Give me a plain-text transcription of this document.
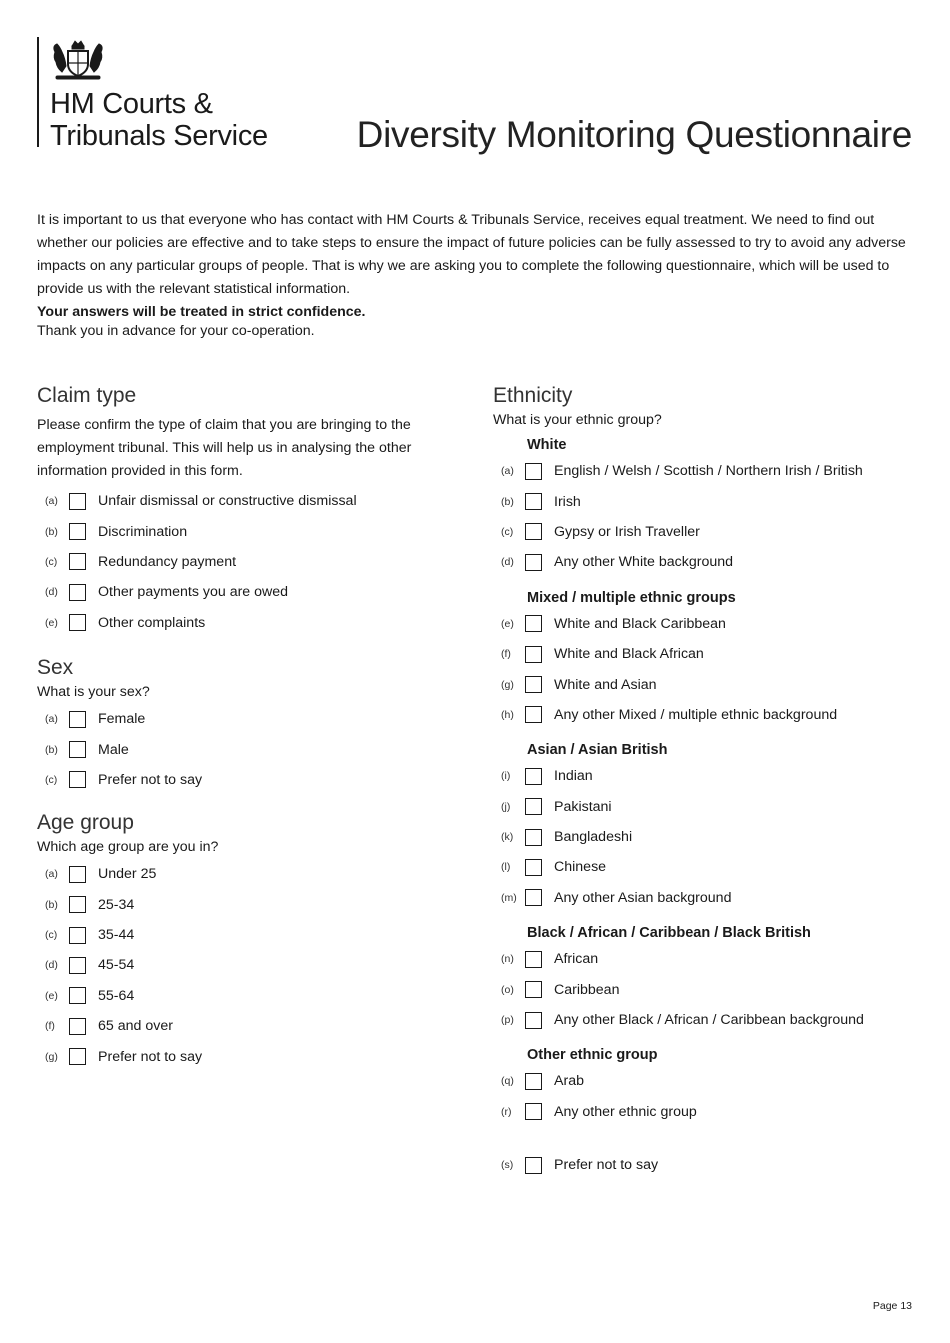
HM Courts &
Tribunals Service Diversity Monitoring Questionnaire

It is important to us that everyone who has contact with HM Courts & Tribunals Service, receives equal treatment. We need to find out whether our policies are effective and to take steps to ensure the impact of future policies can be fully assessed to try to avoid any adverse impacts on any particular groups of people. That is why we are asking you to complete the following questionnaire, which will be used to provide us with the relevant statistical information.

Your answers will be treated in strict confidence.

Thank you in advance for your co-operation.
Claim type

Please confirm the type of claim that you are bringing to the employment tribunal. This will help us in analysing the other information provided in this form.

(a)	Unfair dismissal or constructive dismissal
(b)	Discrimination
(c)	Redundancy payment
(d)	Other payments you are owed
(e)	Other complaints
Sex

What is your sex?

(a)	Female
(b)	Male
(c)	Prefer not to say
Age group

Which age group are you in?

(a)	Under 25
(b)	25-34
(c)	35-44
(d)	45-54
(e)	55-64
(f)	65 and over
(g)	Prefer not to say
Ethnicity

What is your ethnic group?

White
(a)	English / Welsh / Scottish / Northern Irish / British
(b)	Irish
(c)	Gypsy or Irish Traveller
(d)	Any other White background
Mixed / multiple ethnic groups
(e)	White and Black Caribbean
(f)	White and Black African
(g)	White and Asian
(h)	Any other Mixed / multiple ethnic background
Asian / Asian British
(i)	Indian
(j)	Pakistani
(k)	Bangladeshi
(l)	Chinese
(m)	Any other Asian background
Black / African / Caribbean / Black British
(n)	African
(o)	Caribbean
(p)	Any other Black / African / Caribbean background
Other ethnic group
(q)	Arab
(r)	Any other ethnic group
(s)	Prefer not to say
Page 13
